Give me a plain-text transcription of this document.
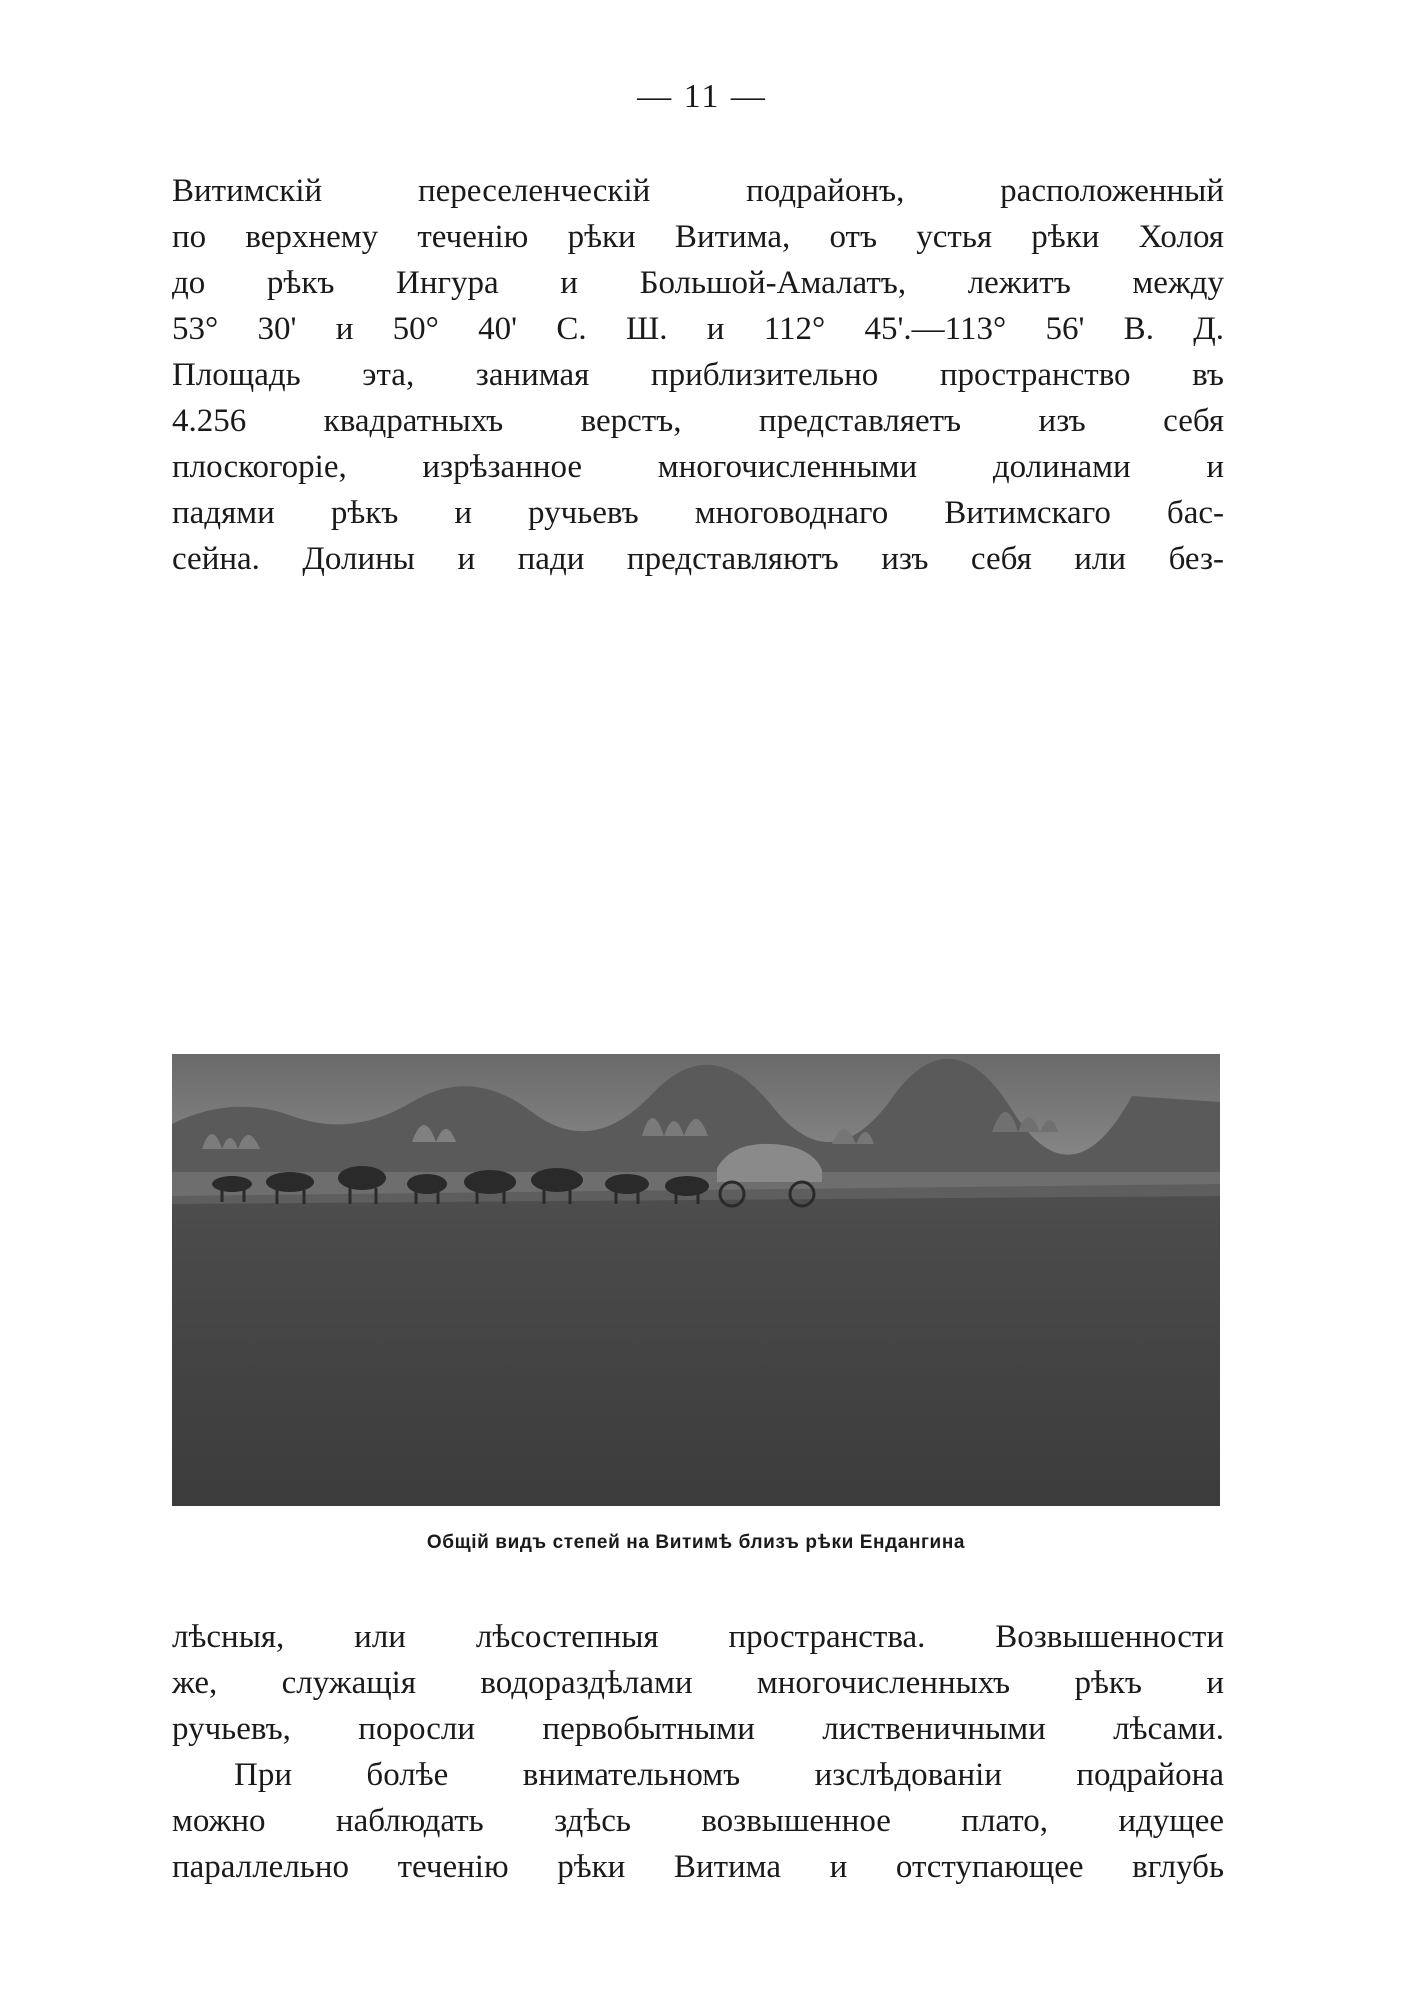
— 11 —

Витимскій переселенческій подрайонъ, расположенный
по верхнему теченію рѣки Витима, отъ устья рѣки Холоя
до рѣкъ Ингура и Большой-Амалатъ, лежитъ между
53° 30' и 50° 40' С. Ш. и 112° 45'.—113° 56' В. Д.
Площадь эта, занимая приблизительно пространство въ
4.256 квадратныхъ верстъ, представляетъ изъ себя
плоскогоріе, изрѣзанное многочисленными долинами и
падями рѣкъ и ручьевъ многоводнаго Витимскаго бас-
сейна. Долины и пади представляютъ изъ себя или без-

Общій видъ степей на Витимѣ близъ рѣки Ендангина

лѣсныя, или лѣсостепныя пространства. Возвышенности
же, служащія водораздѣлами многочисленныхъ рѣкъ и
ручьевъ, поросли первобытными лиственичными лѣсами.
При болѣе внимательномъ изслѣдованіи подрайона
можно наблюдать здѣсь возвышенное плато, идущее
параллельно теченію рѣки Витима и отступающее вглубь
